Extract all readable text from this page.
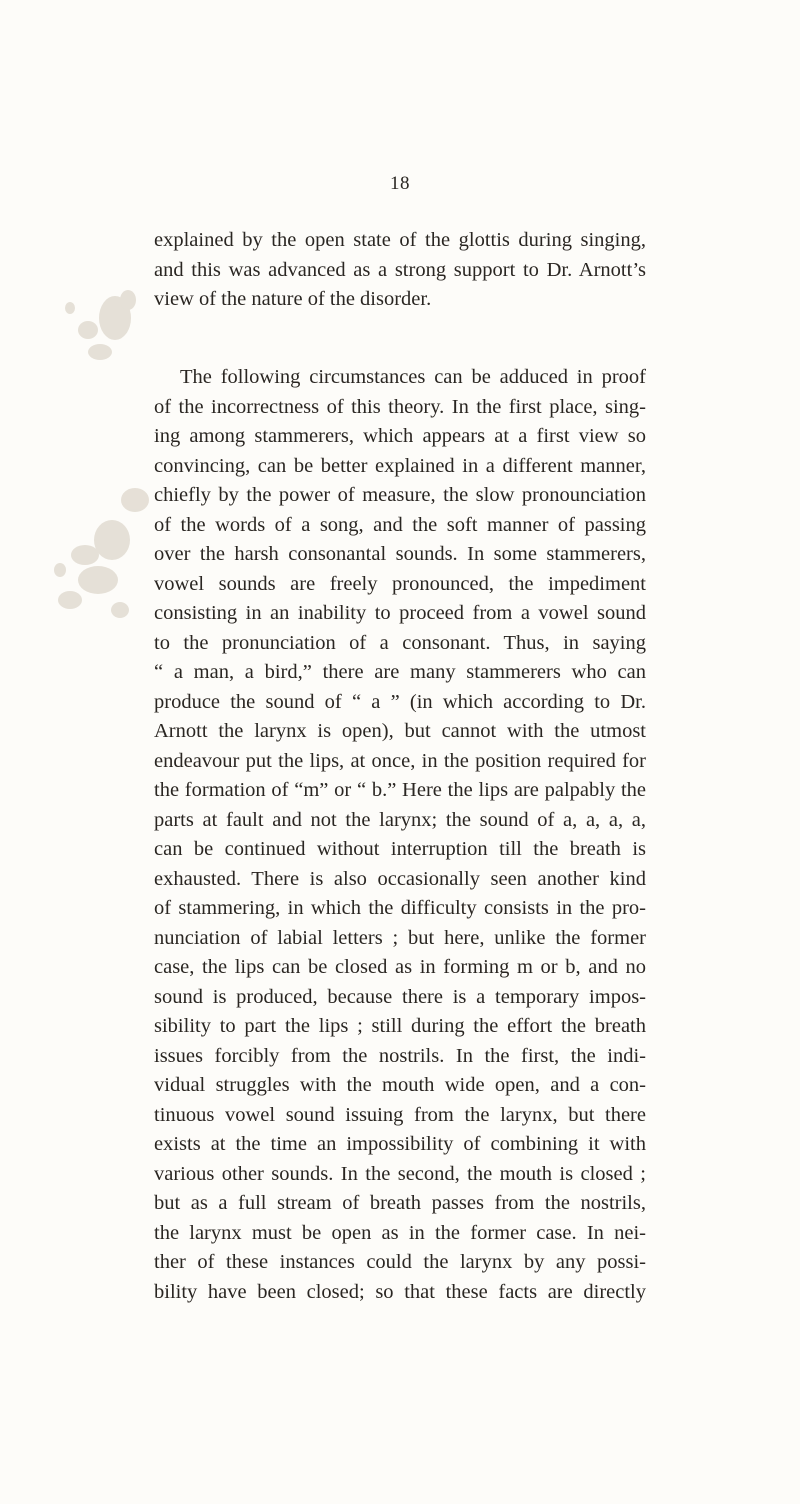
18
explained by the open state of the glottis during singing,
and this was advanced as a strong support to Dr. Arnott’s
view of the nature of the disorder.
The following circumstances can be adduced in proof
of the incorrectness of this theory. In the first place, sing-
ing among stammerers, which appears at a first view so
convincing, can be better explained in a different manner,
chiefly by the power of measure, the slow pronounciation
of the words of a song, and the soft manner of passing
over the harsh consonantal sounds. In some stammerers,
vowel sounds are freely pronounced, the impediment
consisting in an inability to proceed from a vowel sound
to the pronunciation of a consonant. Thus, in saying
“ a man, a bird,” there are many stammerers who can
produce the sound of “ a ” (in which according to Dr.
Arnott the larynx is open), but cannot with the utmost
endeavour put the lips, at once, in the position required for
the formation of “m” or “ b.” Here the lips are palpably the
parts at fault and not the larynx; the sound of a, a, a, a,
can be continued without interruption till the breath is
exhausted. There is also occasionally seen another kind
of stammering, in which the difficulty consists in the pro-
nunciation of labial letters ; but here, unlike the former
case, the lips can be closed as in forming m or b, and no
sound is produced, because there is a temporary impos-
sibility to part the lips ; still during the effort the breath
issues forcibly from the nostrils. In the first, the indi-
vidual struggles with the mouth wide open, and a con-
tinuous vowel sound issuing from the larynx, but there
exists at the time an impossibility of combining it with
various other sounds. In the second, the mouth is closed ;
but as a full stream of breath passes from the nostrils,
the larynx must be open as in the former case. In nei-
ther of these instances could the larynx by any possi-
bility have been closed; so that these facts are directly
